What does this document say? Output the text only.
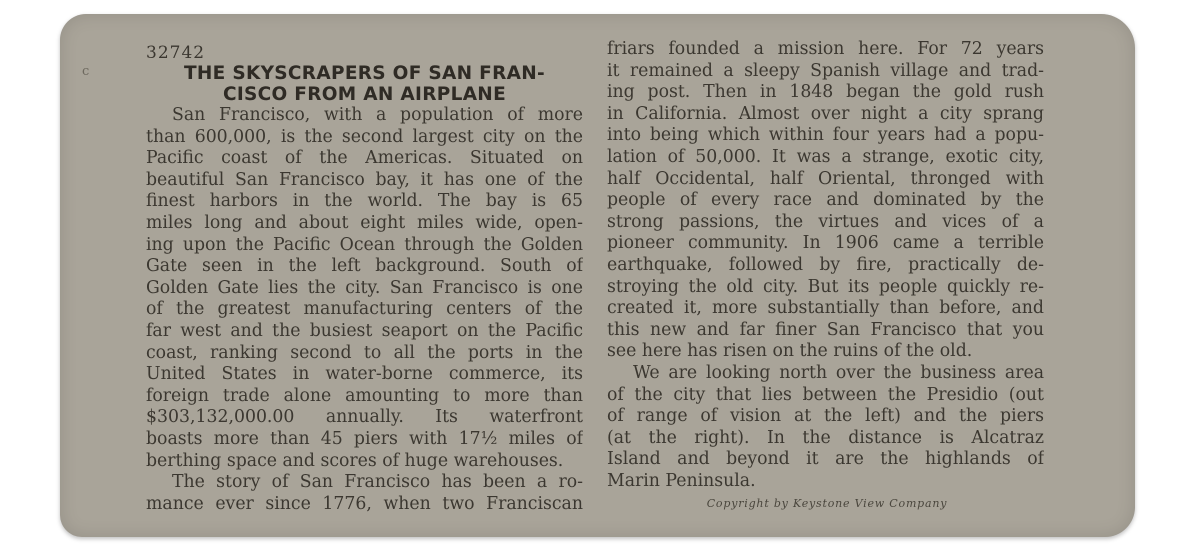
c
32742
THE SKYSCRAPERS OF SAN FRAN-
CISCO FROM AN AIRPLANE
San Francisco, with a population of more
than 600,000, is the second largest city on the
Pacific coast of the Americas. Situated on
beautiful San Francisco bay, it has one of the
finest harbors in the world. The bay is 65
miles long and about eight miles wide, open-
ing upon the Pacific Ocean through the Golden
Gate seen in the left background. South of
Golden Gate lies the city. San Francisco is one
of the greatest manufacturing centers of the
far west and the busiest seaport on the Pacific
coast, ranking second to all the ports in the
United States in water-borne commerce, its
foreign trade alone amounting to more than
$303,132,000.00 annually. Its waterfront
boasts more than 45 piers with 17½ miles of
berthing space and scores of huge warehouses.
The story of San Francisco has been a ro-
mance ever since 1776, when two Franciscan
friars founded a mission here. For 72 years
it remained a sleepy Spanish village and trad-
ing post. Then in 1848 began the gold rush
in California. Almost over night a city sprang
into being which within four years had a popu-
lation of 50,000. It was a strange, exotic city,
half Occidental, half Oriental, thronged with
people of every race and dominated by the
strong passions, the virtues and vices of a
pioneer community. In 1906 came a terrible
earthquake, followed by fire, practically de-
stroying the old city. But its people quickly re-
created it, more substantially than before, and
this new and far finer San Francisco that you
see here has risen on the ruins of the old.
We are looking north over the business area
of the city that lies between the Presidio (out
of range of vision at the left) and the piers
(at the right). In the distance is Alcatraz
Island and beyond it are the highlands of
Marin Peninsula.
Copyright by Keystone View Company
